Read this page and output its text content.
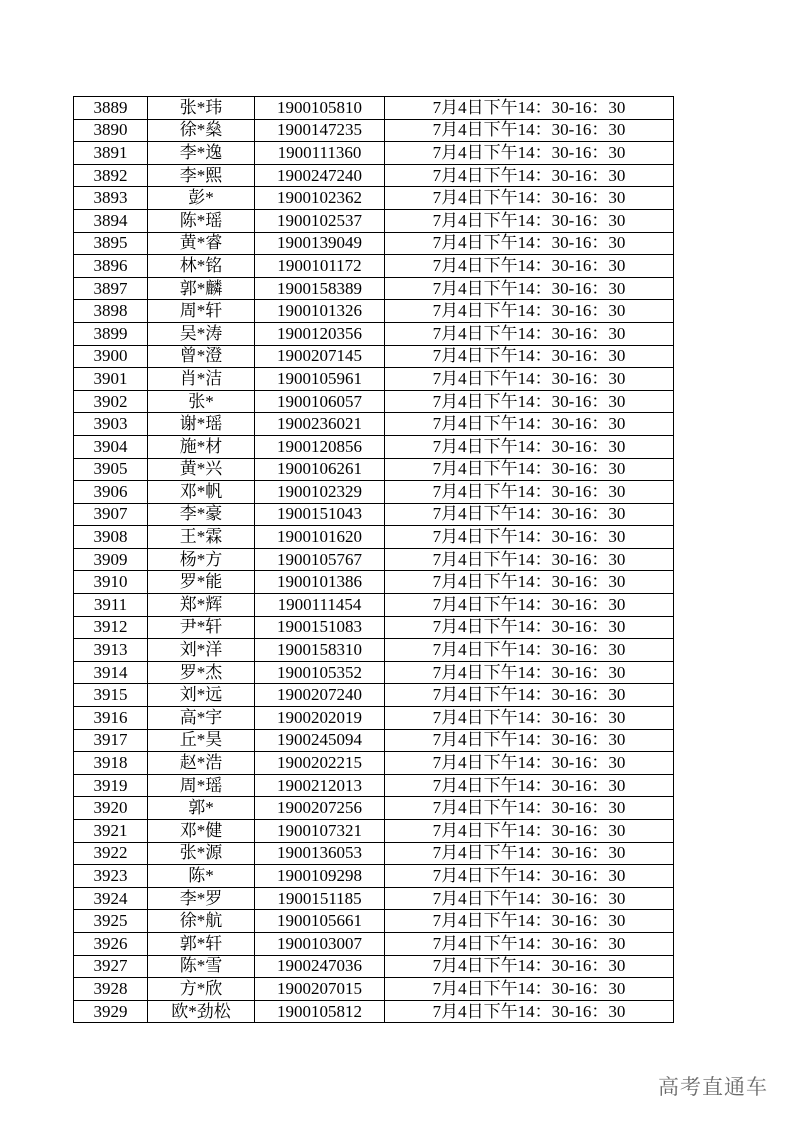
3889	张*玮	1900105810	7月4日下午14：30-16：30
3890	徐*燊	1900147235	7月4日下午14：30-16：30
3891	李*逸	1900111360	7月4日下午14：30-16：30
3892	李*熙	1900247240	7月4日下午14：30-16：30
3893	彭*	1900102362	7月4日下午14：30-16：30
3894	陈*瑶	1900102537	7月4日下午14：30-16：30
3895	黄*睿	1900139049	7月4日下午14：30-16：30
3896	林*铭	1900101172	7月4日下午14：30-16：30
3897	郭*麟	1900158389	7月4日下午14：30-16：30
3898	周*轩	1900101326	7月4日下午14：30-16：30
3899	吴*涛	1900120356	7月4日下午14：30-16：30
3900	曾*澄	1900207145	7月4日下午14：30-16：30
3901	肖*洁	1900105961	7月4日下午14：30-16：30
3902	张*	1900106057	7月4日下午14：30-16：30
3903	谢*瑶	1900236021	7月4日下午14：30-16：30
3904	施*材	1900120856	7月4日下午14：30-16：30
3905	黄*兴	1900106261	7月4日下午14：30-16：30
3906	邓*帆	1900102329	7月4日下午14：30-16：30
3907	李*豪	1900151043	7月4日下午14：30-16：30
3908	王*霖	1900101620	7月4日下午14：30-16：30
3909	杨*方	1900105767	7月4日下午14：30-16：30
3910	罗*能	1900101386	7月4日下午14：30-16：30
3911	郑*辉	1900111454	7月4日下午14：30-16：30
3912	尹*轩	1900151083	7月4日下午14：30-16：30
3913	刘*洋	1900158310	7月4日下午14：30-16：30
3914	罗*杰	1900105352	7月4日下午14：30-16：30
3915	刘*远	1900207240	7月4日下午14：30-16：30
3916	高*宇	1900202019	7月4日下午14：30-16：30
3917	丘*昊	1900245094	7月4日下午14：30-16：30
3918	赵*浩	1900202215	7月4日下午14：30-16：30
3919	周*瑶	1900212013	7月4日下午14：30-16：30
3920	郭*	1900207256	7月4日下午14：30-16：30
3921	邓*健	1900107321	7月4日下午14：30-16：30
3922	张*源	1900136053	7月4日下午14：30-16：30
3923	陈*	1900109298	7月4日下午14：30-16：30
3924	李*罗	1900151185	7月4日下午14：30-16：30
3925	徐*航	1900105661	7月4日下午14：30-16：30
3926	郭*轩	1900103007	7月4日下午14：30-16：30
3927	陈*雪	1900247036	7月4日下午14：30-16：30
3928	方*欣	1900207015	7月4日下午14：30-16：30
3929	欧*劲松	1900105812	7月4日下午14：30-16：30
高考直通车
